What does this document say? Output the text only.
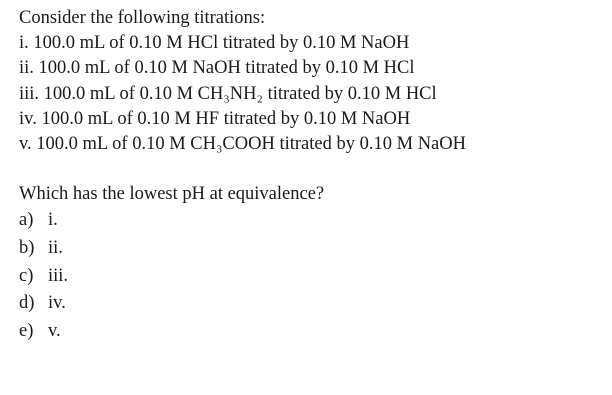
Consider the following titrations:
i. 100.0 mL of 0.10 M HCl titrated by 0.10 M NaOH
ii. 100.0 mL of 0.10 M NaOH titrated by 0.10 M HCl
iii. 100.0 mL of 0.10 M CH₃NH₂ titrated by 0.10 M HCl
iv. 100.0 mL of 0.10 M HF titrated by 0.10 M NaOH
v. 100.0 mL of 0.10 M CH₃COOH titrated by 0.10 M NaOH
Which has the lowest pH at equivalence?
a) i.
b) ii.
c) iii.
d) iv.
e) v.
